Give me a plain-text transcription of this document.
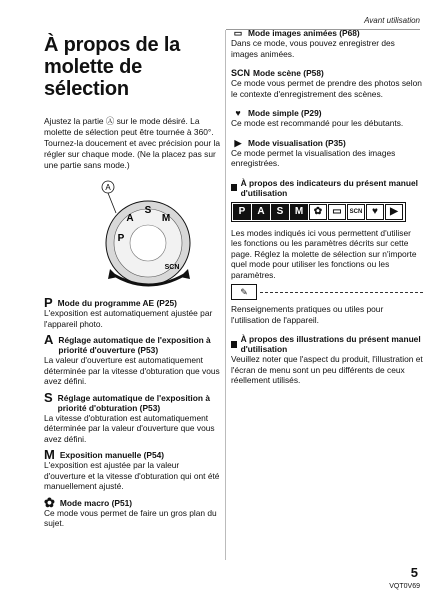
Avant utilisation
À propos de la molette de sélection
Ajustez la partie Ⓐ sur le mode désiré. La molette de sélection peut être tournée à 360°. Tournez-la doucement et avec précision pour la régler sur chaque mode. (Ne la placez pas sur une partie sans mode.)
A
S
M
A
P
SCN
P Mode du programme AE (P25)
L'exposition est automatiquement ajustée par l'appareil photo.
A Réglage automatique de l'exposition à priorité d'ouverture (P53)
La valeur d'ouverture est automatiquement déterminée par la vitesse d'obturation que vous avez défini.
S Réglage automatique de l'exposition à priorité d'obturation (P53)
La vitesse d'obturation est automatiquement déterminée par la valeur d'ouverture que vous avez défini.
M Exposition manuelle (P54)
L'exposition est ajustée par la valeur d'ouverture et la vitesse d'obturation qui ont été manuellement ajusté.
✿ Mode macro (P51)
Ce mode vous permet de faire un gros plan du sujet.
▭ Mode images animées (P68)
Dans ce mode, vous pouvez enregistrer des images animées.
SCN Mode scène (P58)
Ce mode vous permet de prendre des photos selon le contexte d'enregistrement des scènes.
♥ Mode simple (P29)
Ce mode est recommandé pour les débutants.
▶ Mode visualisation (P35)
Ce mode permet la visualisation des images enregistrées.
À propos des indicateurs du présent manuel d'utilisation
P	A	S	M	✿	▭	SCN ♥	▶
Les modes indiqués ici vous permettent d'utiliser les fonctions ou les paramètres décrits sur cette page. Réglez la molette de sélection sur n'importe quel mode pour utiliser les fonctions ou les paramètres.
✎
Renseignements pratiques ou utiles pour l'utilisation de l'appareil.
À propos des illustrations du présent manuel d'utilisation
Veuillez noter que l'aspect du produit, l'illustration et l'écran de menu sont un peu différents de ceux réellement utilisés.
5
VQT0V69
